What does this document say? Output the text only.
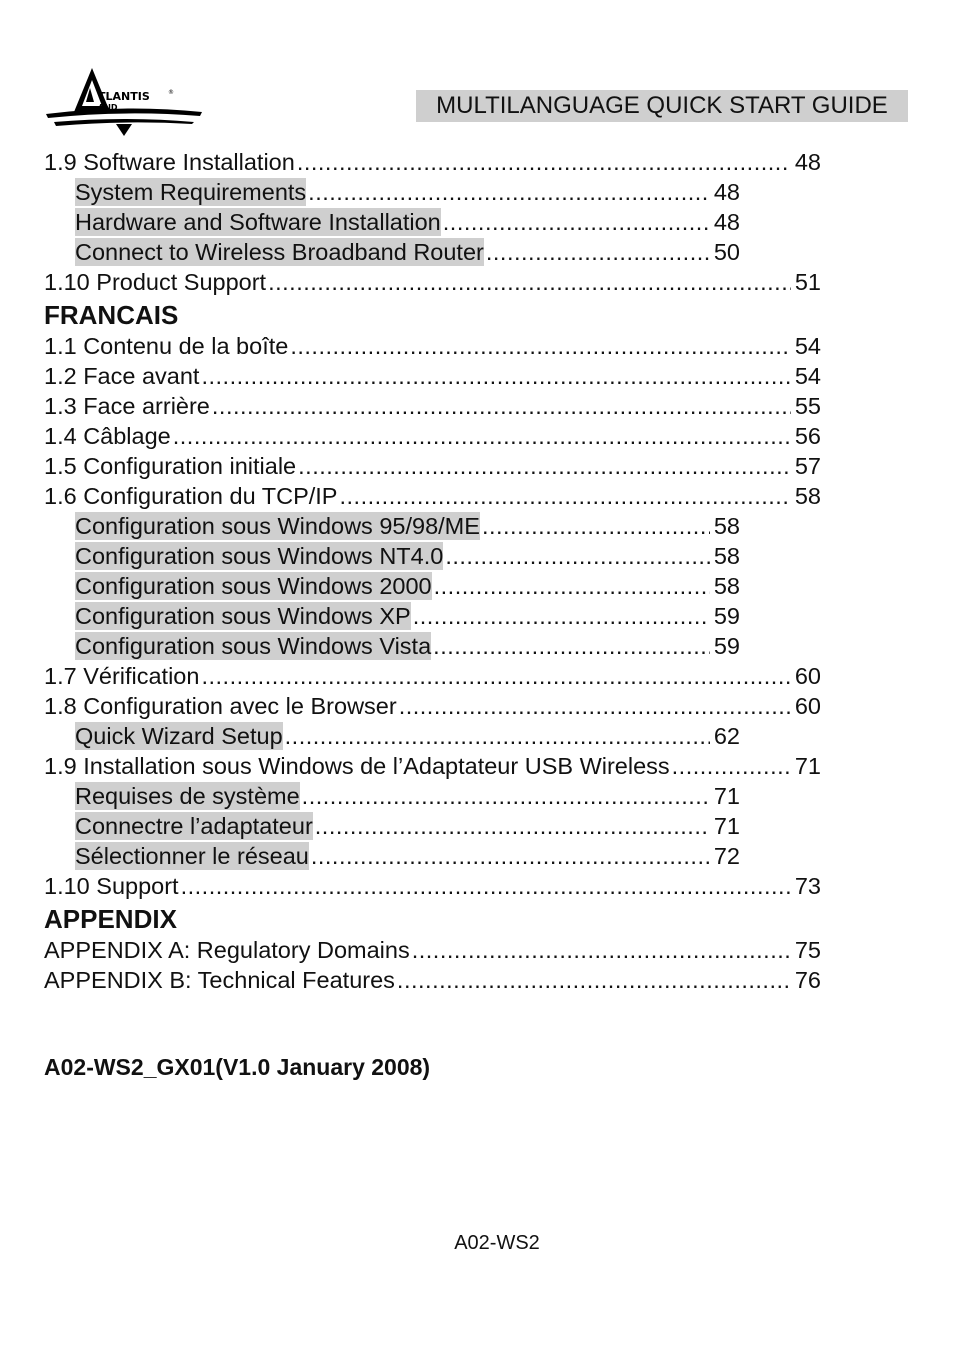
TLANTIS	®
AND	MULTILANGUAGE QUICK START GUIDE
1.9 Software Installation .....	48
System Requirements .....	48
Hardware and Software Installation .....	48
Connect to Wireless Broadband Router .....	50
1.10 Product Support .....	51
FRANCAIS
1.1 Contenu de la boîte .....	54
1.2 Face avant .....	54
1.3 Face arrière .....	55
1.4 Câblage .....	56
1.5 Configuration initiale .....	57
1.6 Configuration du TCP/IP .....	58
Configuration sous Windows 95/98/ME .....	58
Configuration sous Windows NT4.0 .....	58
Configuration sous Windows 2000 .....	58
Configuration sous Windows XP .....	59
Configuration sous Windows Vista .....	59
1.7 Vérification .....	60
1.8 Configuration avec le Browser .....	60
Quick Wizard Setup .....	62
1.9 Installation sous Windows de l’Adaptateur USB Wireless .....	71
Requises de système .....	71
Connectre l’adaptateur .....	71
Sélectionner le réseau .....	72
1.10 Support .....	73
APPENDIX
APPENDIX A: Regulatory Domains .....	75
APPENDIX B: Technical Features .....	76
A02-WS2_GX01(V1.0 January 2008)
A02-WS2
